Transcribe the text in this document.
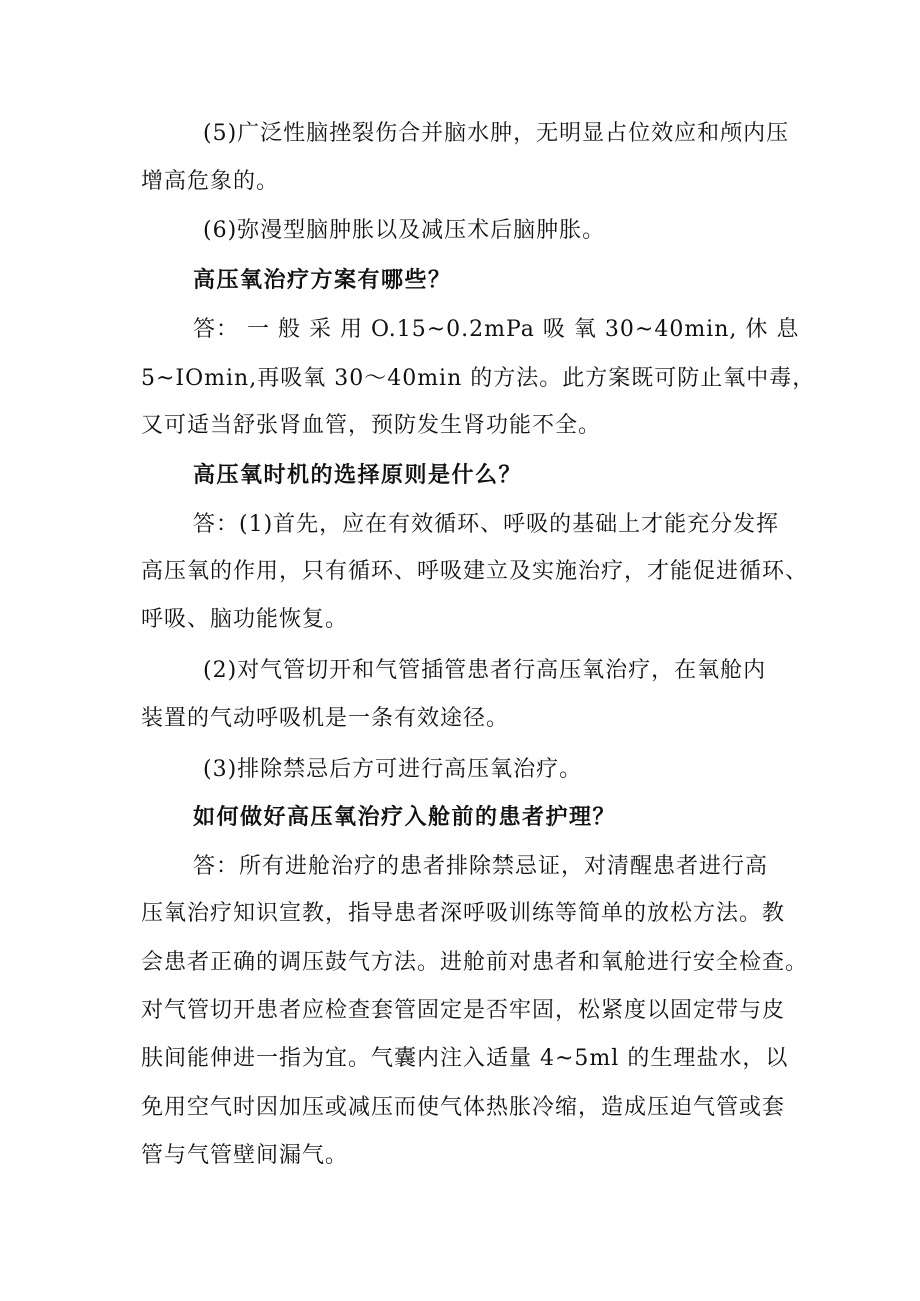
(5)广泛性脑挫裂伤合并脑水肿，无明显占位效应和颅内压
增高危象的。
(6)弥漫型脑肿胀以及减压术后脑肿胀。
高压氧治疗方案有哪些？
答： 一 般 采 用 O.15~0.2mPa 吸 氧 30~40min, 休 息
5~IOmin,再吸氧 30～40min 的方法。此方案既可防止氧中毒，
又可适当舒张肾血管，预防发生肾功能不全。
高压氧时机的选择原则是什么？
答：(1)首先，应在有效循环、呼吸的基础上才能充分发挥
高压氧的作用，只有循环、呼吸建立及实施治疗，才能促进循环、
呼吸、脑功能恢复。
(2)对气管切开和气管插管患者行高压氧治疗，在氧舱内
装置的气动呼吸机是一条有效途径。
(3)排除禁忌后方可进行高压氧治疗。
如何做好高压氧治疗入舱前的患者护理？
答：所有进舱治疗的患者排除禁忌证，对清醒患者进行高
压氧治疗知识宣教，指导患者深呼吸训练等简单的放松方法。教
会患者正确的调压鼓气方法。进舱前对患者和氧舱进行安全检查。
对气管切开患者应检查套管固定是否牢固，松紧度以固定带与皮
肤间能伸进一指为宜。气囊内注入适量 4~5ml 的生理盐水，以
免用空气时因加压或减压而使气体热胀冷缩，造成压迫气管或套
管与气管壁间漏气。
